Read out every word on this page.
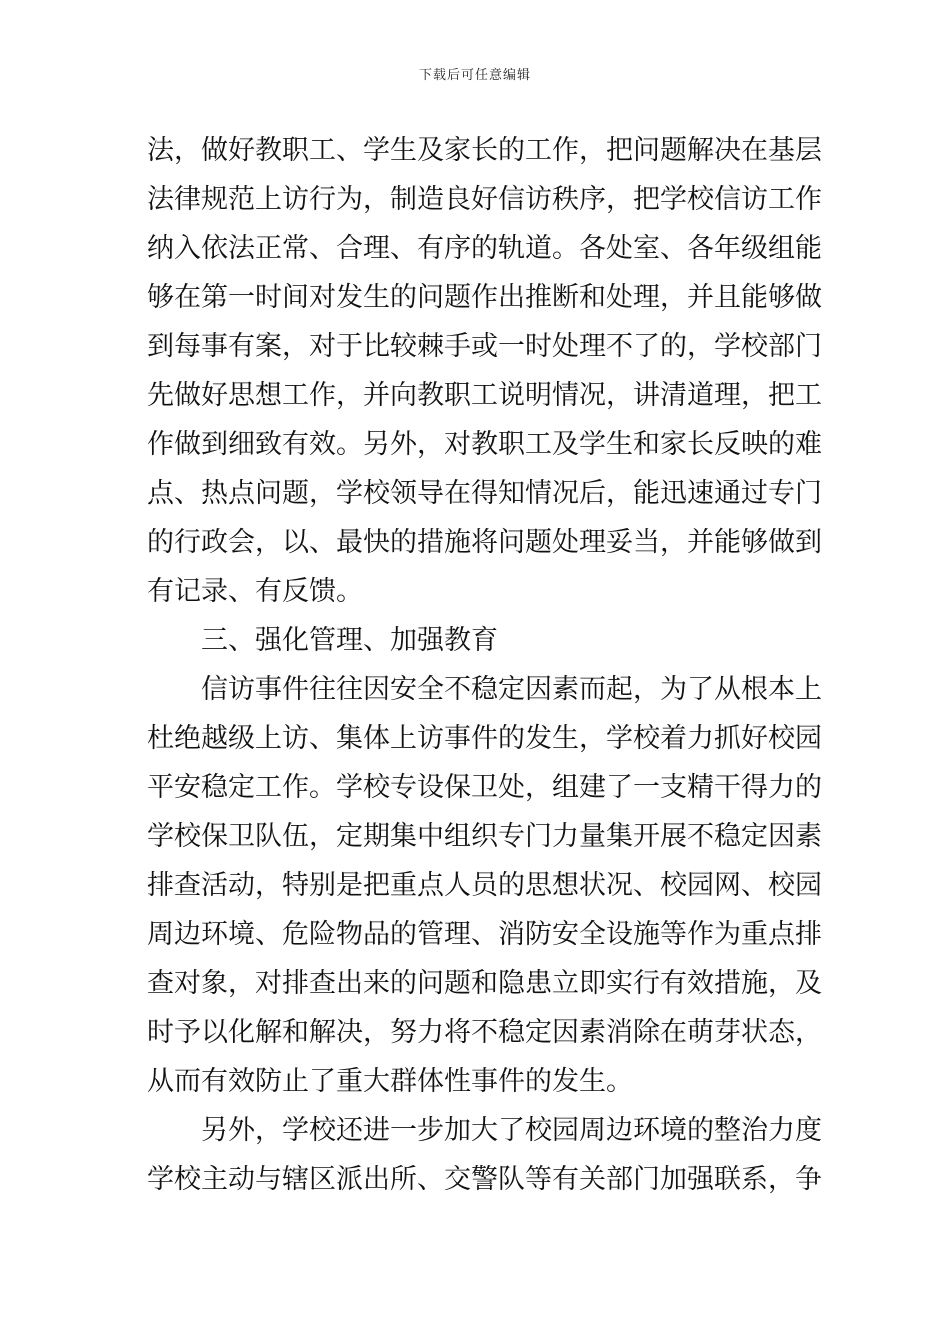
下载后可任意编辑
法，做好教职工、学生及家长的工作，把问题解决在基层
法律规范上访行为，制造良好信访秩序，把学校信访工作
纳入依法正常、合理、有序的轨道。各处室、各年级组能
够在第一时间对发生的问题作出推断和处理，并且能够做
到每事有案，对于比较棘手或一时处理不了的，学校部门
先做好思想工作，并向教职工说明情况，讲清道理，把工
作做到细致有效。另外，对教职工及学生和家长反映的难
点、热点问题，学校领导在得知情况后，能迅速通过专门
的行政会，以、最快的措施将问题处理妥当，并能够做到
有记录、有反馈。
三、强化管理、加强教育
信访事件往往因安全不稳定因素而起，为了从根本上
杜绝越级上访、集体上访事件的发生，学校着力抓好校园
平安稳定工作。学校专设保卫处，组建了一支精干得力的
学校保卫队伍，定期集中组织专门力量集开展不稳定因素
排查活动，特别是把重点人员的思想状况、校园网、校园
周边环境、危险物品的管理、消防安全设施等作为重点排
查对象，对排查出来的问题和隐患立即实行有效措施，及
时予以化解和解决，努力将不稳定因素消除在萌芽状态，
从而有效防止了重大群体性事件的发生。
另外，学校还进一步加大了校园周边环境的整治力度
学校主动与辖区派出所、交警队等有关部门加强联系，争
